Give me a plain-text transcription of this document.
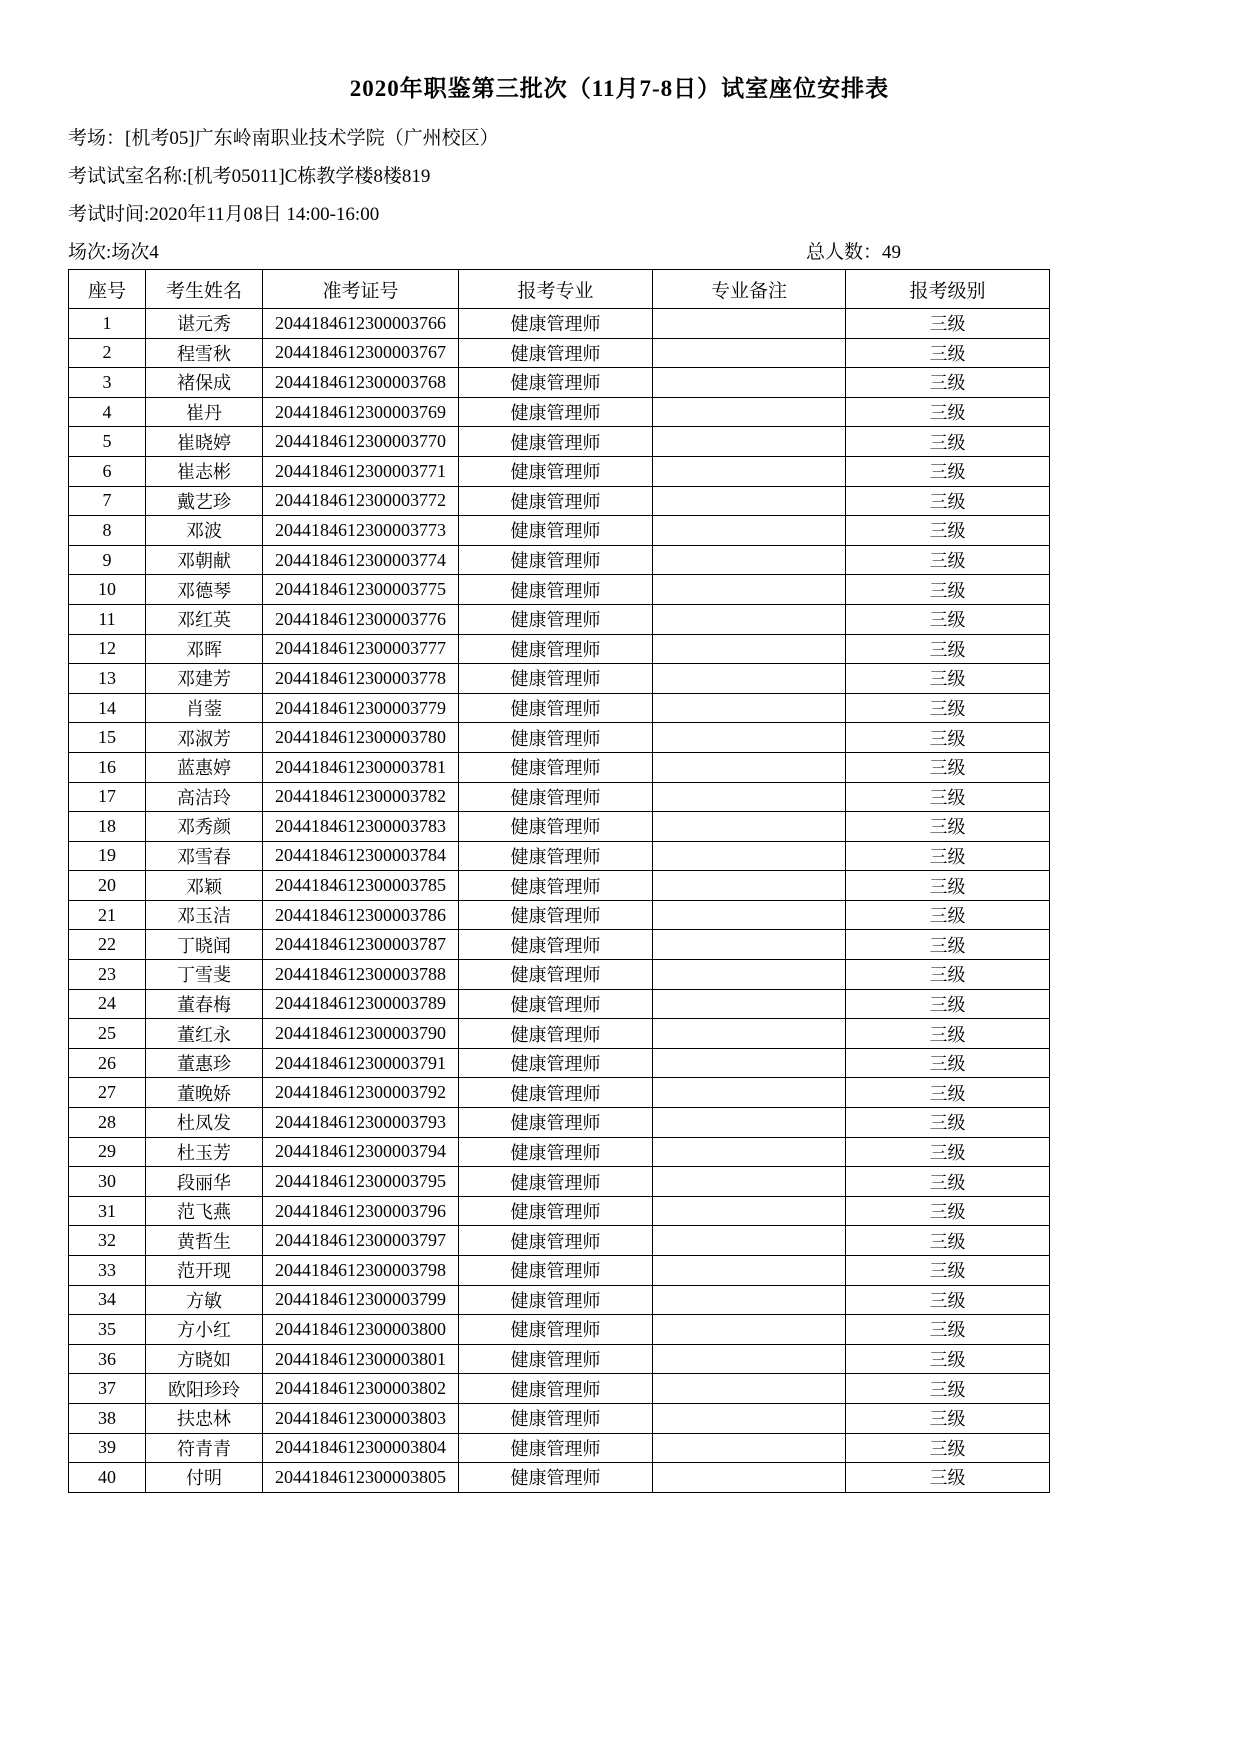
2020年职鉴第三批次（11月7-8日）试室座位安排表
考场：[机考05]广东岭南职业技术学院（广州校区）
考试试室名称:[机考05011]C栋教学楼8楼819
考试时间:2020年11月08日 14:00-16:00
场次:场次4	总人数：49
座号	考生姓名	准考证号	报考专业	专业备注	报考级别
1	谌元秀	2044184612300003766	健康管理师		三级
2	程雪秋	2044184612300003767	健康管理师		三级
3	褚保成	2044184612300003768	健康管理师		三级
4	崔丹	2044184612300003769	健康管理师		三级
5	崔晓婷	2044184612300003770	健康管理师		三级
6	崔志彬	2044184612300003771	健康管理师		三级
7	戴艺珍	2044184612300003772	健康管理师		三级
8	邓波	2044184612300003773	健康管理师		三级
9	邓朝献	2044184612300003774	健康管理师		三级
10	邓德琴	2044184612300003775	健康管理师		三级
11	邓红英	2044184612300003776	健康管理师		三级
12	邓晖	2044184612300003777	健康管理师		三级
13	邓建芳	2044184612300003778	健康管理师		三级
14	肖蓥	2044184612300003779	健康管理师		三级
15	邓淑芳	2044184612300003780	健康管理师		三级
16	蓝惠婷	2044184612300003781	健康管理师		三级
17	高洁玲	2044184612300003782	健康管理师		三级
18	邓秀颜	2044184612300003783	健康管理师		三级
19	邓雪春	2044184612300003784	健康管理师		三级
20	邓颖	2044184612300003785	健康管理师		三级
21	邓玉洁	2044184612300003786	健康管理师		三级
22	丁晓闻	2044184612300003787	健康管理师		三级
23	丁雪斐	2044184612300003788	健康管理师		三级
24	董春梅	2044184612300003789	健康管理师		三级
25	董红永	2044184612300003790	健康管理师		三级
26	董惠珍	2044184612300003791	健康管理师		三级
27	董晚娇	2044184612300003792	健康管理师		三级
28	杜凤发	2044184612300003793	健康管理师		三级
29	杜玉芳	2044184612300003794	健康管理师		三级
30	段丽华	2044184612300003795	健康管理师		三级
31	范飞燕	2044184612300003796	健康管理师		三级
32	黄哲生	2044184612300003797	健康管理师		三级
33	范开现	2044184612300003798	健康管理师		三级
34	方敏	2044184612300003799	健康管理师		三级
35	方小红	2044184612300003800	健康管理师		三级
36	方晓如	2044184612300003801	健康管理师		三级
37	欧阳珍玲	2044184612300003802	健康管理师		三级
38	扶忠林	2044184612300003803	健康管理师		三级
39	符青青	2044184612300003804	健康管理师		三级
40	付明	2044184612300003805	健康管理师		三级
